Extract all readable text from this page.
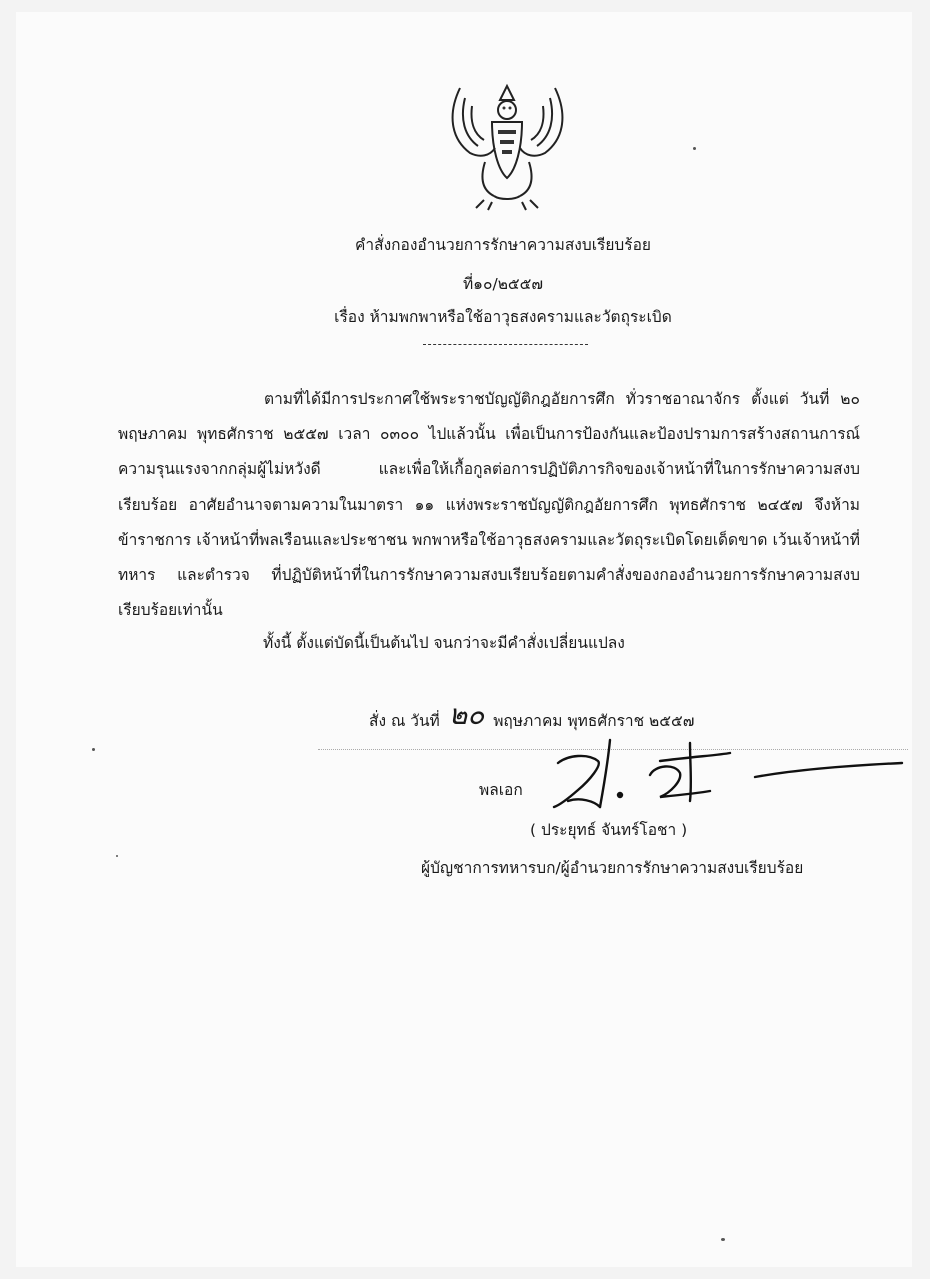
คำสั่งกองอำนวยการรักษาความสงบเรียบร้อย
ที่๑๐/๒๕๕๗
เรื่อง ห้ามพกพาหรือใช้อาวุธสงครามและวัตถุระเบิด
ตามที่ได้มีการประกาศใช้พระราชบัญญัติกฎอัยการศึก ทั่วราชอาณาจักร ตั้งแต่ วันที่ ๒๐ พฤษภาคม พุทธศักราช ๒๕๕๗ เวลา ๐๓๐๐ ไปแล้วนั้น เพื่อเป็นการป้องกันและป้องปรามการสร้างสถานการณ์ความรุนแรงจากกลุ่มผู้ไม่หวังดี และเพื่อให้เกื้อกูลต่อการปฏิบัติภารกิจของเจ้าหน้าที่ในการรักษาความสงบเรียบร้อย อาศัยอำนาจตามความในมาตรา ๑๑ แห่งพระราชบัญญัติกฎอัยการศึก พุทธศักราช ๒๔๕๗ จึงห้ามข้าราชการ เจ้าหน้าที่พลเรือนและประชาชน พกพาหรือใช้อาวุธสงครามและวัตถุระเบิดโดยเด็ดขาด เว้นเจ้าหน้าที่ทหาร และตำรวจ ที่ปฏิบัติหน้าที่ในการรักษาความสงบเรียบร้อยตามคำสั่งของกองอำนวยการรักษาความสงบเรียบร้อยเท่านั้น
ทั้งนี้ ตั้งแต่บัดนี้เป็นต้นไป จนกว่าจะมีคำสั่งเปลี่ยนแปลง
สั่ง ณ วันที่ ๒๐ พฤษภาคม พุทธศักราช ๒๕๕๗
พลเอก
( ประยุทธ์ จันทร์โอชา )
ผู้บัญชาการทหารบก/ผู้อำนวยการรักษาความสงบเรียบร้อย
